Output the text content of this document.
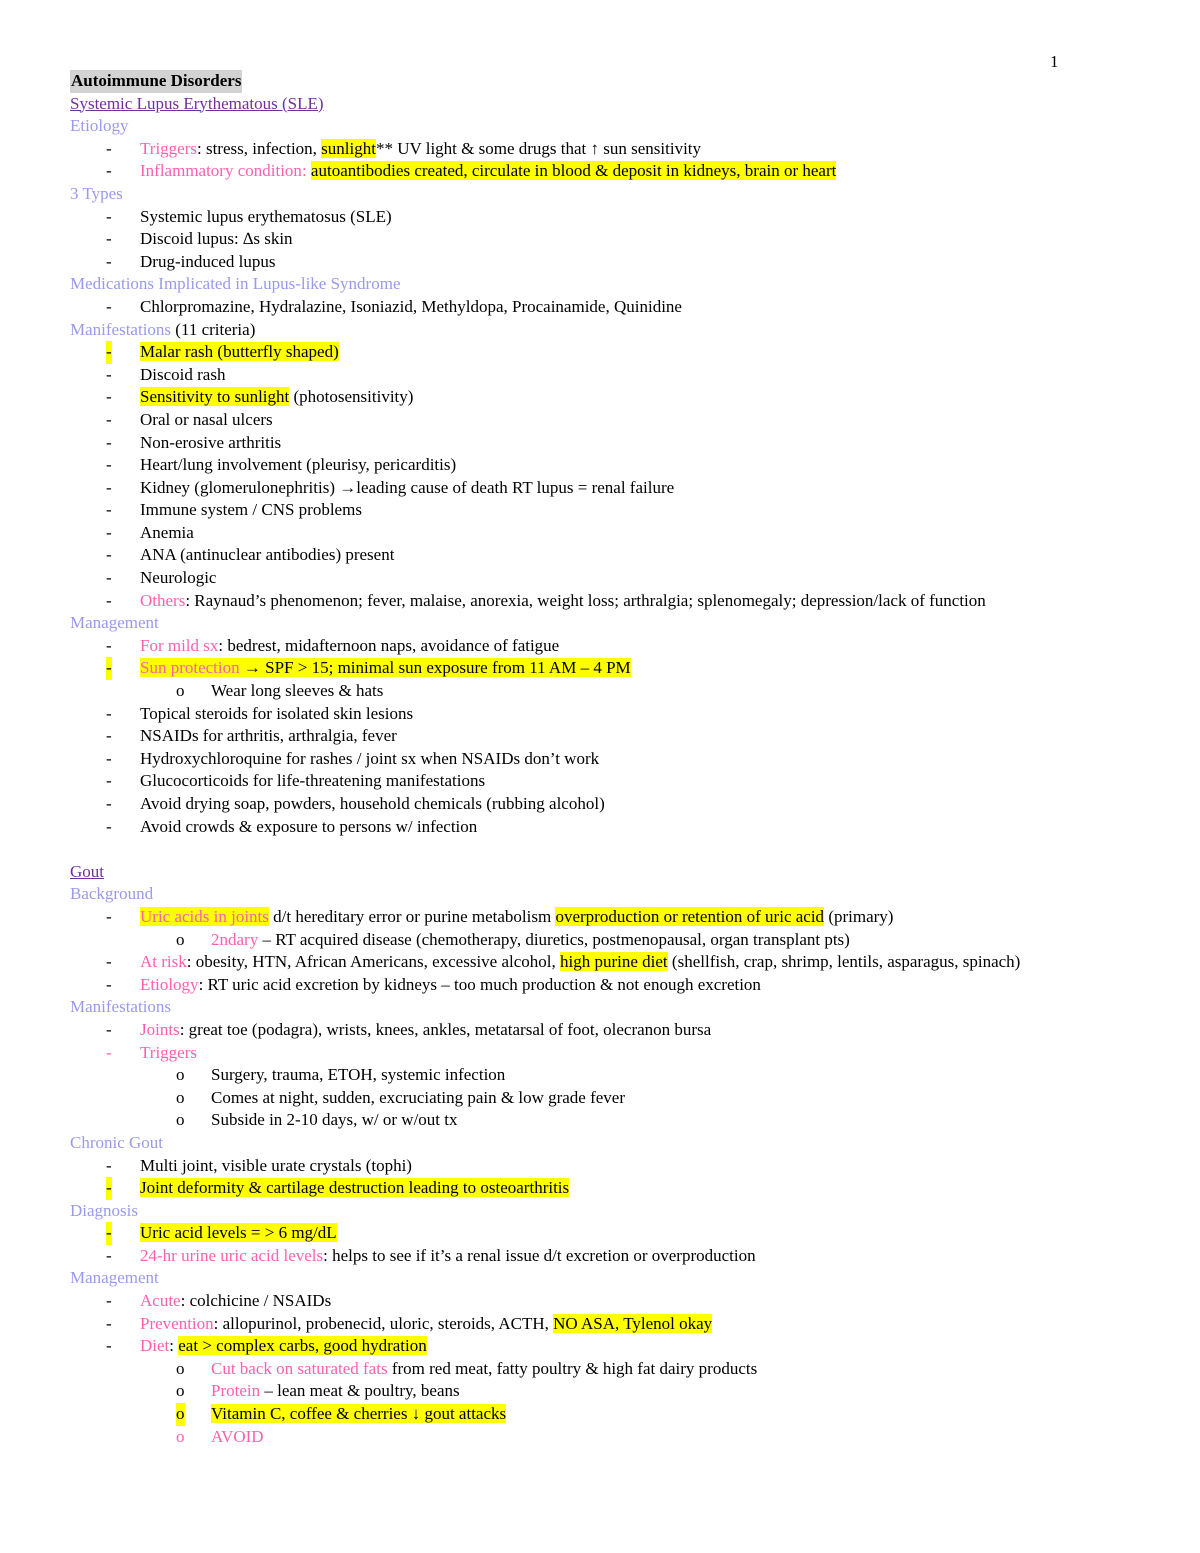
1
Autoimmune Disorders
Systemic Lupus Erythematous (SLE)
Etiology
- Triggers: stress, infection, sunlight** UV light & some drugs that ↑ sun sensitivity
- Inflammatory condition: autoantibodies created, circulate in blood & deposit in kidneys, brain or heart
3 Types
- Systemic lupus erythematosus (SLE)
- Discoid lupus: ∆s skin
- Drug-induced lupus
Medications Implicated in Lupus-like Syndrome
- Chlorpromazine, Hydralazine, Isoniazid, Methyldopa, Procainamide, Quinidine
Manifestations (11 criteria)
- Malar rash (butterfly shaped)
- Discoid rash
- Sensitivity to sunlight (photosensitivity)
- Oral or nasal ulcers
- Non-erosive arthritis
- Heart/lung involvement (pleurisy, pericarditis)
- Kidney (glomerulonephritis) →leading cause of death RT lupus = renal failure
- Immune system / CNS problems
- Anemia
- ANA (antinuclear antibodies) present
- Neurologic
- Others: Raynaud’s phenomenon; fever, malaise, anorexia, weight loss; arthralgia; splenomegaly; depression/lack of function
Management
- For mild sx: bedrest, midafternoon naps, avoidance of fatigue
- Sun protection → SPF > 15; minimal sun exposure from 11 AM – 4 PM
o Wear long sleeves & hats
- Topical steroids for isolated skin lesions
- NSAIDs for arthritis, arthralgia, fever
- Hydroxychloroquine for rashes / joint sx when NSAIDs don’t work
- Glucocorticoids for life-threatening manifestations
- Avoid drying soap, powders, household chemicals (rubbing alcohol)
- Avoid crowds & exposure to persons w/ infection
Gout
Background
- Uric acids in joints d/t hereditary error or purine metabolism overproduction or retention of uric acid (primary)
o 2ndary – RT acquired disease (chemotherapy, diuretics, postmenopausal, organ transplant pts)
- At risk: obesity, HTN, African Americans, excessive alcohol, high purine diet (shellfish, crap, shrimp, lentils, asparagus, spinach)
- Etiology: RT uric acid excretion by kidneys – too much production & not enough excretion
Manifestations
- Joints: great toe (podagra), wrists, knees, ankles, metatarsal of foot, olecranon bursa
- Triggers
o Surgery, trauma, ETOH, systemic infection
o Comes at night, sudden, excruciating pain & low grade fever
o Subside in 2-10 days, w/ or w/out tx
Chronic Gout
- Multi joint, visible urate crystals (tophi)
- Joint deformity & cartilage destruction leading to osteoarthritis
Diagnosis
- Uric acid levels = > 6 mg/dL
- 24-hr urine uric acid levels: helps to see if it’s a renal issue d/t excretion or overproduction
Management
- Acute: colchicine / NSAIDs
- Prevention: allopurinol, probenecid, uloric, steroids, ACTH, NO ASA, Tylenol okay
- Diet: eat > complex carbs, good hydration
o Cut back on saturated fats from red meat, fatty poultry & high fat dairy products
o Protein – lean meat & poultry, beans
o Vitamin C, coffee & cherries ↓ gout attacks
o AVOID
